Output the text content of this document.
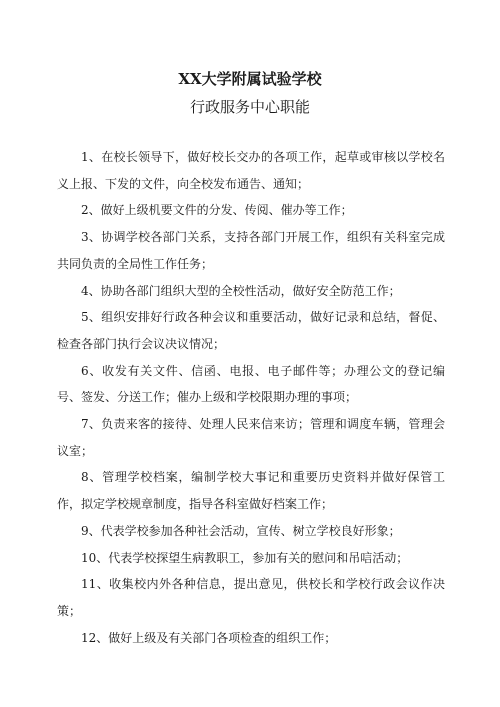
XX大学附属试验学校
行政服务中心职能

1、在校长领导下，做好校长交办的各项工作，起草或审核以学校名义上报、下发的文件，向全校发布通告、通知；

2、做好上级机要文件的分发、传阅、催办等工作；

3、协调学校各部门关系，支持各部门开展工作，组织有关科室完成共同负责的全局性工作任务；

4、协助各部门组织大型的全校性活动，做好安全防范工作；

5、组织安排好行政各种会议和重要活动，做好记录和总结，督促、检查各部门执行会议决议情况；

6、收发有关文件、信函、电报、电子邮件等；办理公文的登记编号、签发、分送工作；催办上级和学校限期办理的事项；

7、负责来客的接待、处理人民来信来访；管理和调度车辆，管理会议室；

8、管理学校档案，编制学校大事记和重要历史资料并做好保管工作，拟定学校规章制度，指导各科室做好档案工作；

9、代表学校参加各种社会活动，宣传、树立学校良好形象；

10、代表学校探望生病教职工，参加有关的慰问和吊唁活动；

11、收集校内外各种信息，提出意见，供校长和学校行政会议作决策；

12、做好上级及有关部门各项检查的组织工作；
